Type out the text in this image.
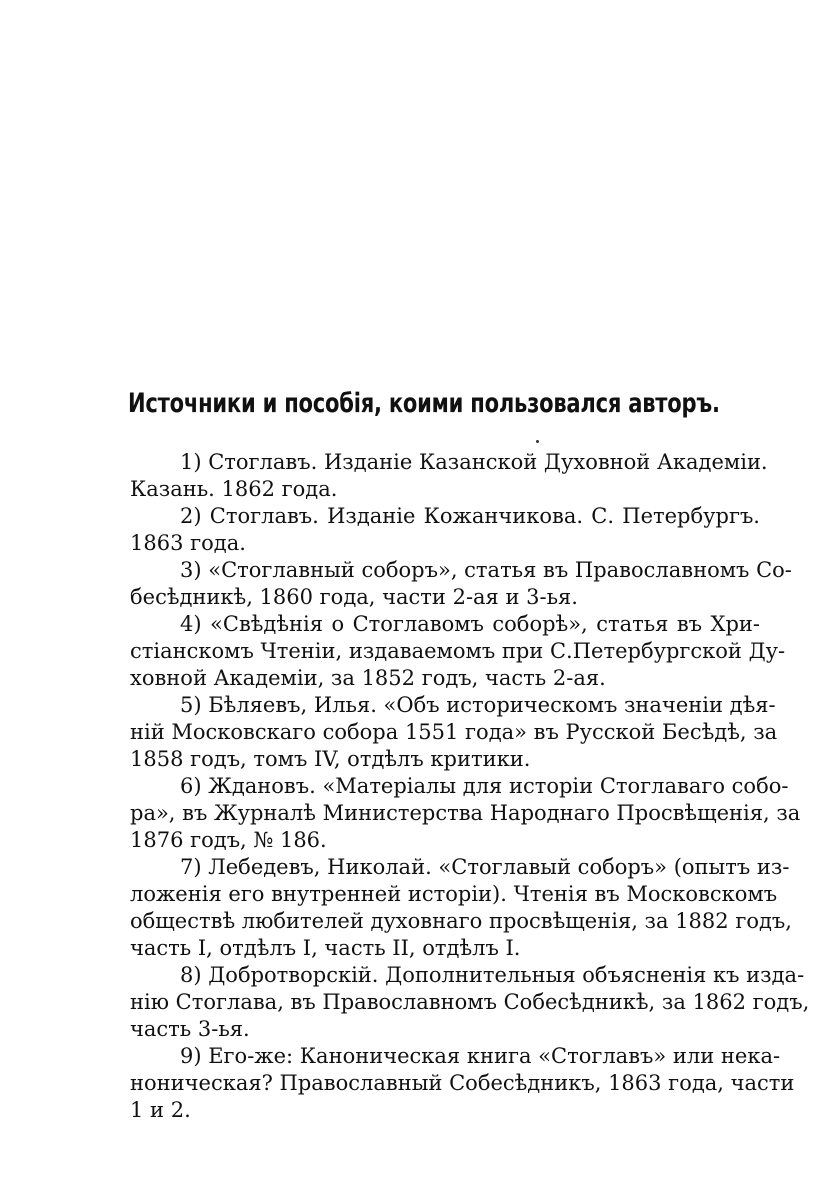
Источники и пособія, коими пользовался авторъ.
1) Стоглавъ. Изданіе Казанской Духовной Академіи.
Казань. 1862 года.
2) Стоглавъ. Изданіе Кожанчикова. С. Петербургъ.
1863 года.
3) «Стоглавный соборъ», статья въ Православномъ Со-
бесѣдникѣ, 1860 года, части 2-ая и 3-ья.
4) «Свѣдѣнія о Стоглавомъ соборѣ», статья въ Хри-
стіанскомъ Чтеніи, издаваемомъ при С.Петербургской Ду-
ховной Академіи, за 1852 годъ, часть 2-ая.
5) Бѣляевъ, Илья. «Объ историческомъ значеніи дѣя-
ній Московскаго собора 1551 года» въ Русской Бесѣдѣ, за
1858 годъ, томъ IV, отдѣлъ критики.
6) Ждановъ. «Матеріалы для исторіи Стоглаваго собо-
ра», въ Журналѣ Министерства Народнаго Просвѣщенія, за
1876 годъ, № 186.
7) Лебедевъ, Николай. «Стоглавый соборъ» (опытъ из-
ложенія его внутренней исторіи). Чтенія въ Московскомъ
обществѣ любителей духовнаго просвѣщенія, за 1882 годъ,
часть I, отдѣлъ I, часть II, отдѣлъ I.
8) Добротворскій. Дополнительныя объясненія къ изда-
нію Стоглава, въ Православномъ Собесѣдникѣ, за 1862 годъ,
часть 3-ья.
9) Его-же: Каноническая книга «Стоглавъ» или нека-
ноническая? Православный Собесѣдникъ, 1863 года, части
1 и 2.
